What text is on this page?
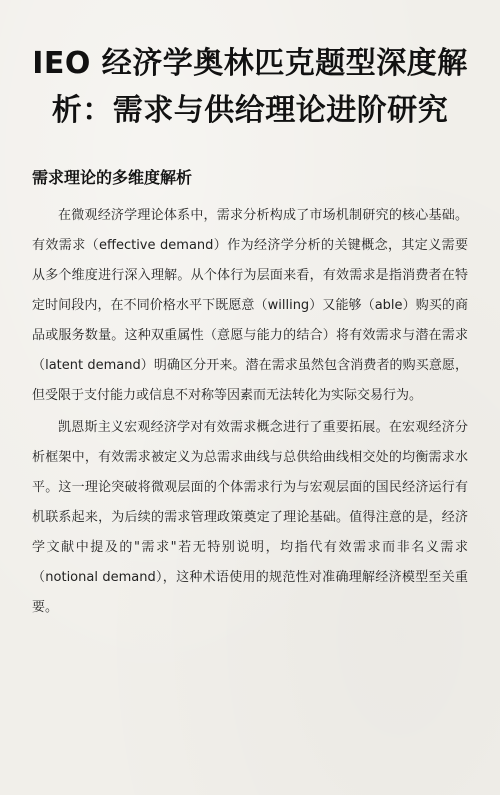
IEO 经济学奥林匹克题型深度解析：需求与供给理论进阶研究
需求理论的多维度解析

在微观经济学理论体系中，需求分析构成了市场机制研究的核心基础。有效需求（effective demand）作为经济学分析的关键概念，其定义需要从多个维度进行深入理解。从个体行为层面来看，有效需求是指消费者在特定时间段内，在不同价格水平下既愿意（willing）又能够（able）购买的商品或服务数量。这种双重属性（意愿与能力的结合）将有效需求与潜在需求（latent demand）明确区分开来。潜在需求虽然包含消费者的购买意愿，但受限于支付能力或信息不对称等因素而无法转化为实际交易行为。

凯恩斯主义宏观经济学对有效需求概念进行了重要拓展。在宏观经济分析框架中，有效需求被定义为总需求曲线与总供给曲线相交处的均衡需求水平。这一理论突破将微观层面的个体需求行为与宏观层面的国民经济运行有机联系起来，为后续的需求管理政策奠定了理论基础。值得注意的是，经济学文献中提及的"需求"若无特别说明，均指代有效需求而非名义需求（notional demand），这种术语使用的规范性对准确理解经济模型至关重要。
